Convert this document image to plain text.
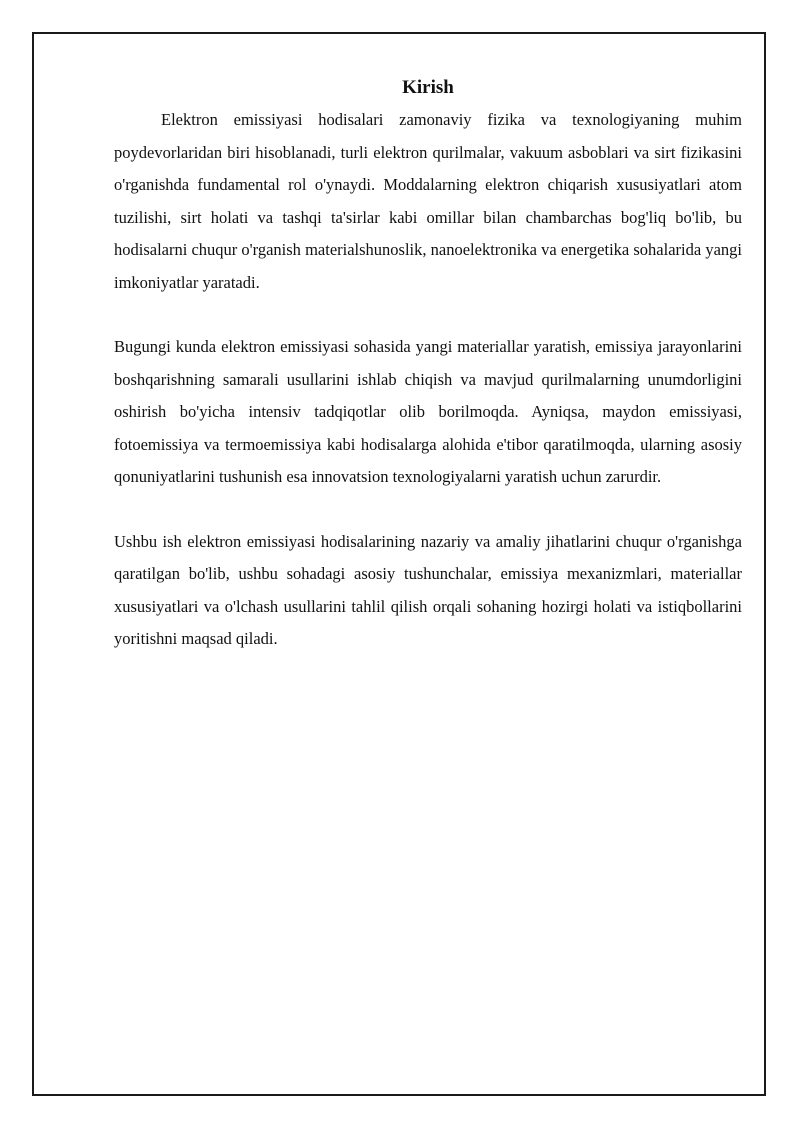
Kirish

Elektron emissiyasi hodisalari zamonaviy fizika va texnologiyaning muhim poydevorlaridan biri hisoblanadi, turli elektron qurilmalar, vakuum asboblari va sirt fizikasini o'rganishda fundamental rol o'ynaydi. Moddalarning elektron chiqarish xususiyatlari atom tuzilishi, sirt holati va tashqi ta'sirlar kabi omillar bilan chambarchas bog'liq bo'lib, bu hodisalarni chuqur o'rganish materialshunoslik, nanoelektronika va energetika sohalarida yangi imkoniyatlar yaratadi.

Bugungi kunda elektron emissiyasi sohasida yangi materiallar yaratish, emissiya jarayonlarini boshqarishning samarali usullarini ishlab chiqish va mavjud qurilmalarning unumdorligini oshirish bo'yicha intensiv tadqiqotlar olib borilmoqda. Ayniqsa, maydon emissiyasi, fotoemissiya va termoemissiya kabi hodisalarga alohida e'tibor qaratilmoqda, ularning asosiy qonuniyatlarini tushunish esa innovatsion texnologiyalarni yaratish uchun zarurdir.

Ushbu ish elektron emissiyasi hodisalarining nazariy va amaliy jihatlarini chuqur o'rganishga qaratilgan bo'lib, ushbu sohadagi asosiy tushunchalar, emissiya mexanizmlari, materiallar xususiyatlari va o'lchash usullarini tahlil qilish orqali sohaning hozirgi holati va istiqbollarini yoritishni maqsad qiladi.
